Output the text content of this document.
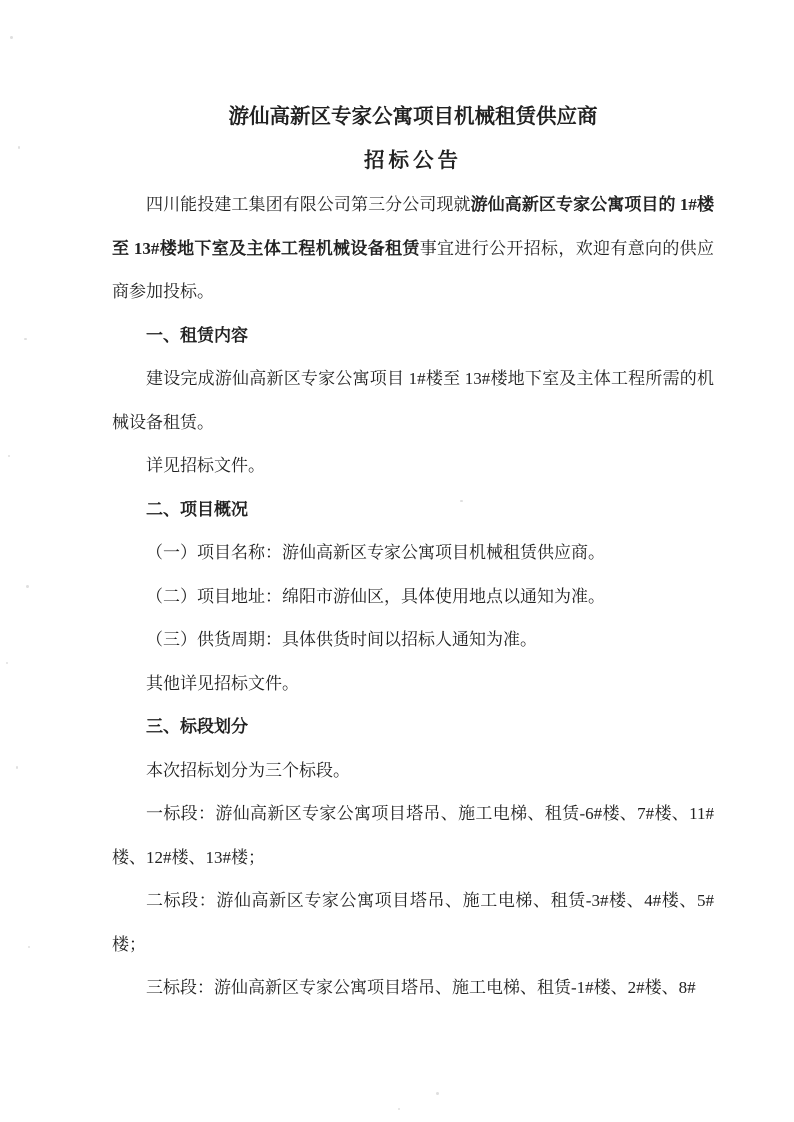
游仙高新区专家公寓项目机械租赁供应商
招标公告

四川能投建工集团有限公司第三分公司现就游仙高新区专家公寓项目的 1#楼至 13#楼地下室及主体工程机械设备租赁事宜进行公开招标，欢迎有意向的供应商参加投标。

一、租赁内容

建设完成游仙高新区专家公寓项目 1#楼至 13#楼地下室及主体工程所需的机械设备租赁。

详见招标文件。

二、项目概况

（一）项目名称：游仙高新区专家公寓项目机械租赁供应商。

（二）项目地址：绵阳市游仙区，具体使用地点以通知为准。

（三）供货周期：具体供货时间以招标人通知为准。

其他详见招标文件。

三、标段划分

本次招标划分为三个标段。

一标段：游仙高新区专家公寓项目塔吊、施工电梯、租赁-6#楼、7#楼、11#楼、12#楼、13#楼；

二标段：游仙高新区专家公寓项目塔吊、施工电梯、租赁-3#楼、4#楼、5#楼；

三标段：游仙高新区专家公寓项目塔吊、施工电梯、租赁-1#楼、2#楼、8#
